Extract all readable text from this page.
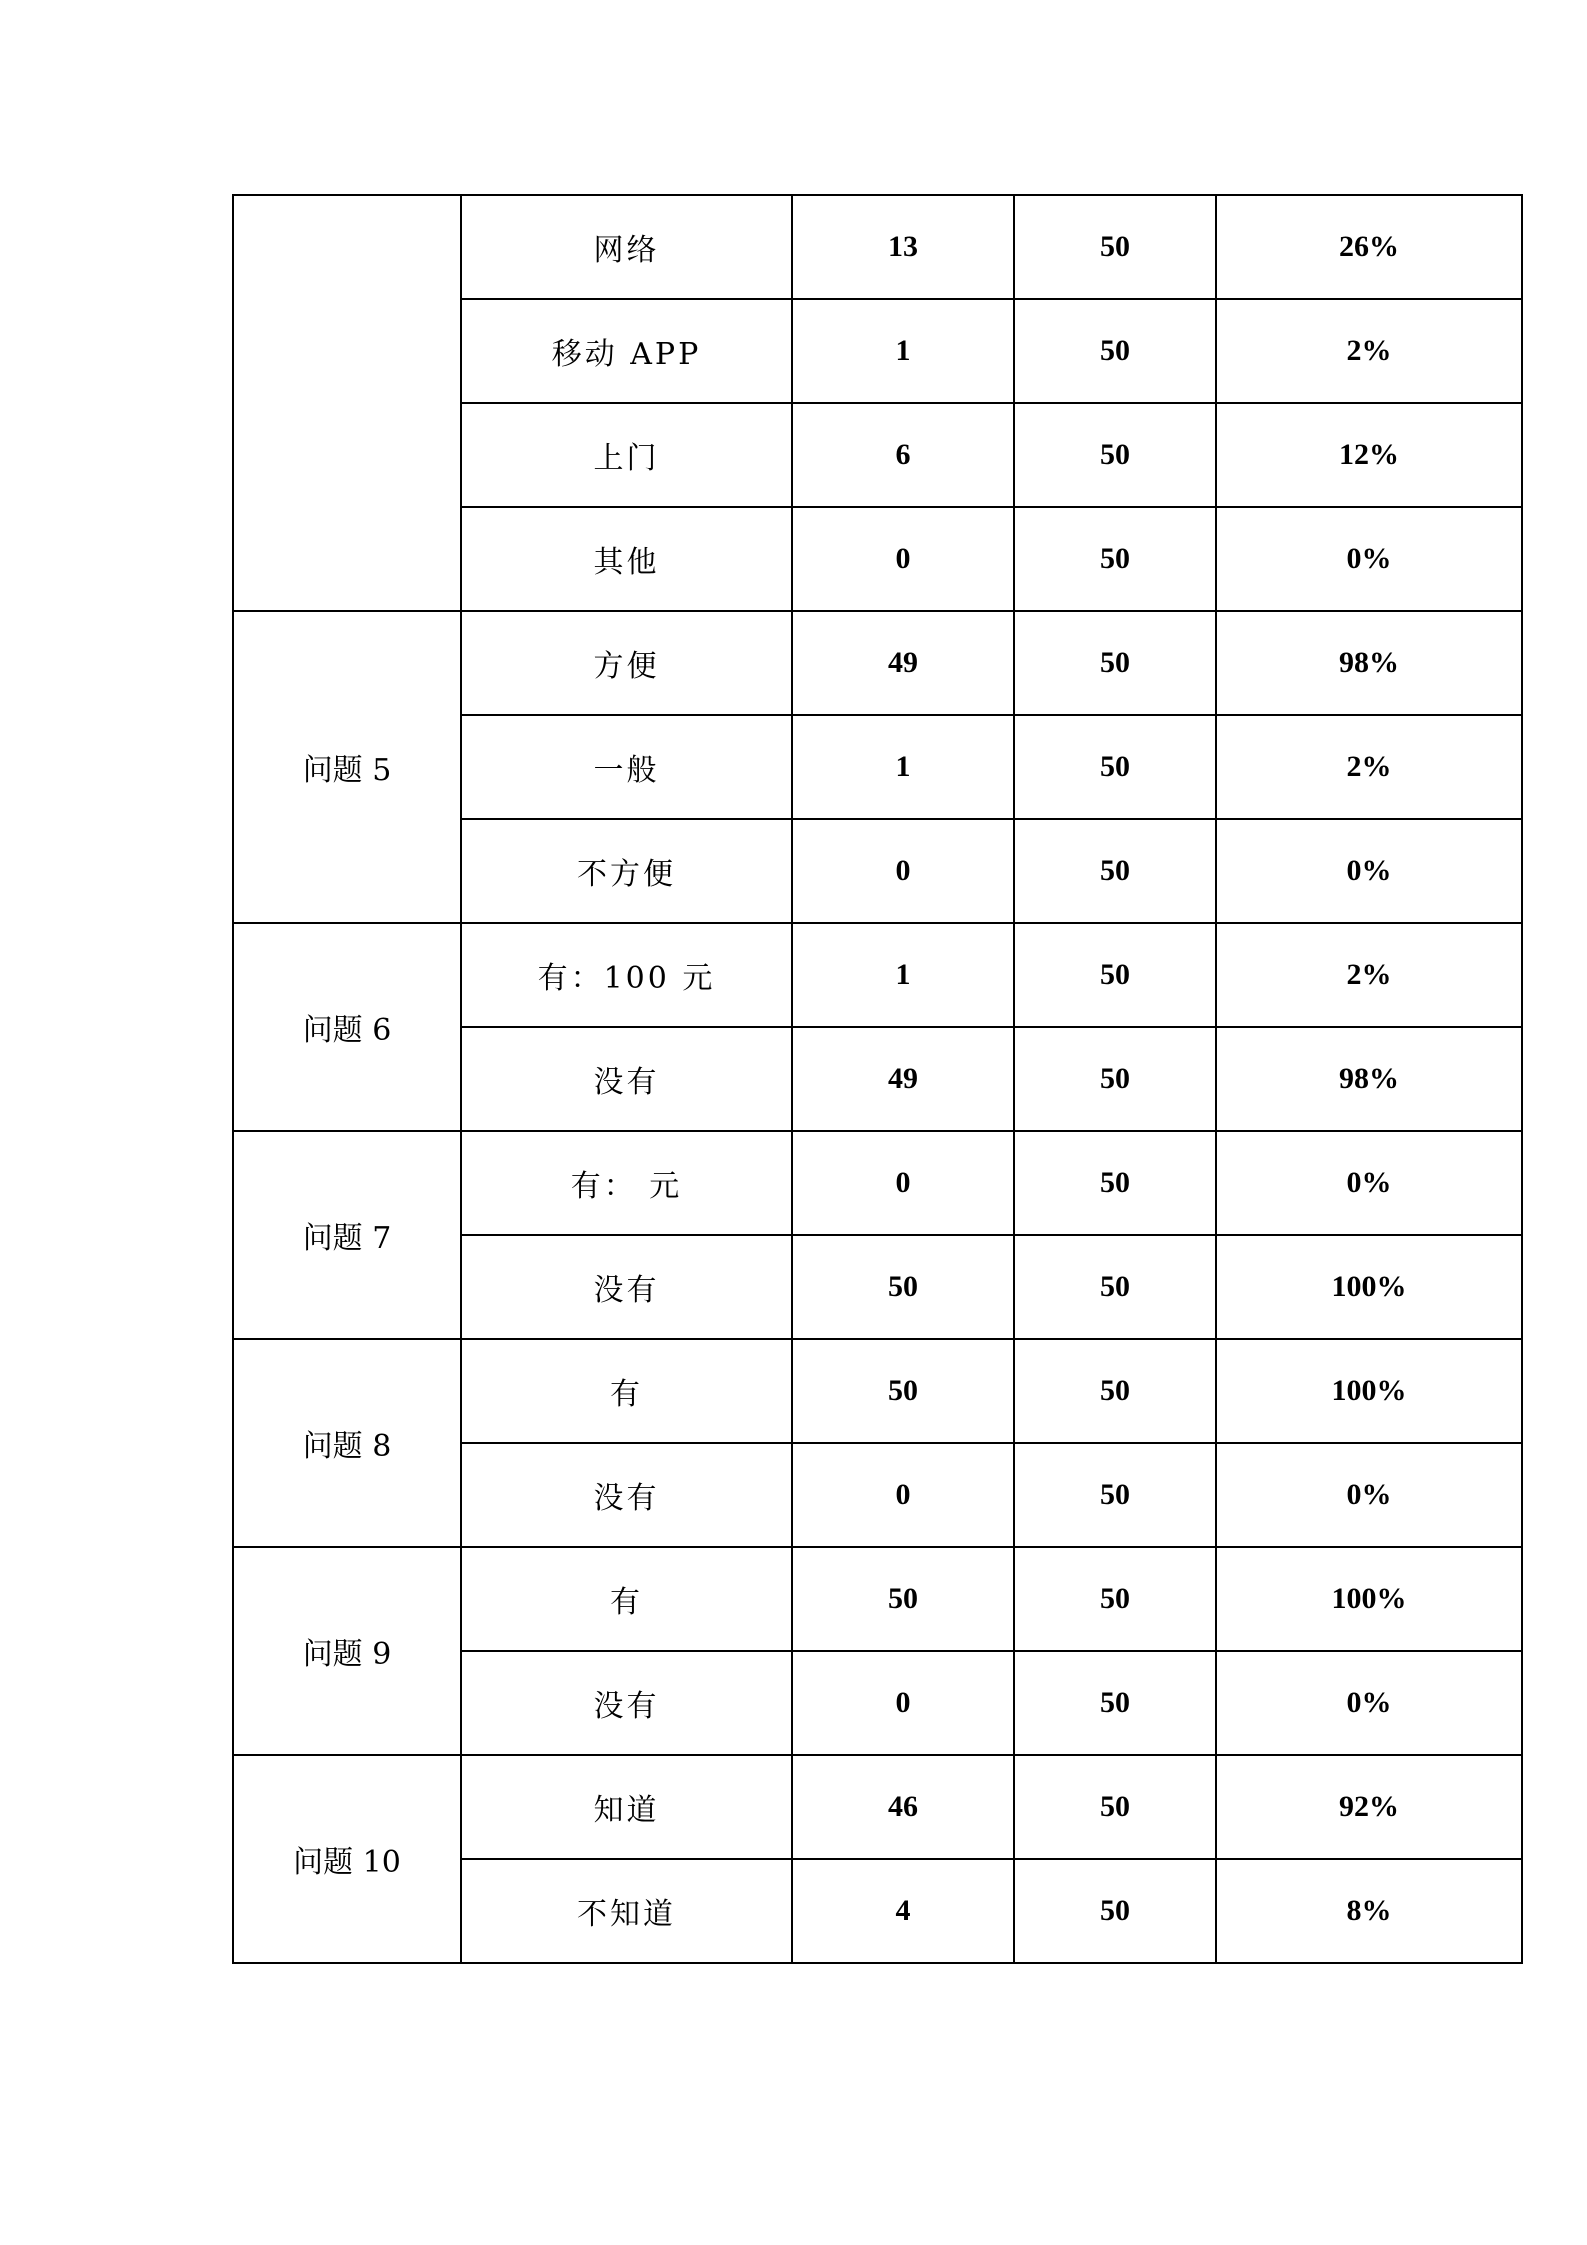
	网络	13	50	26%
	移动 APP	1	50	2%
	上门	6	50	12%
	其他	0	50	0%
问题 5	方便	49	50	98%
	一般	1	50	2%
	不方便	0	50	0%
问题 6	有：100 元	1	50	2%
	没有	49	50	98%
问题 7	有： 元	0	50	0%
	没有	50	50	100%
问题 8	有	50	50	100%
	没有	0	50	0%
问题 9	有	50	50	100%
	没有	0	50	0%
问题 10	知道	46	50	92%
	不知道	4	50	8%
